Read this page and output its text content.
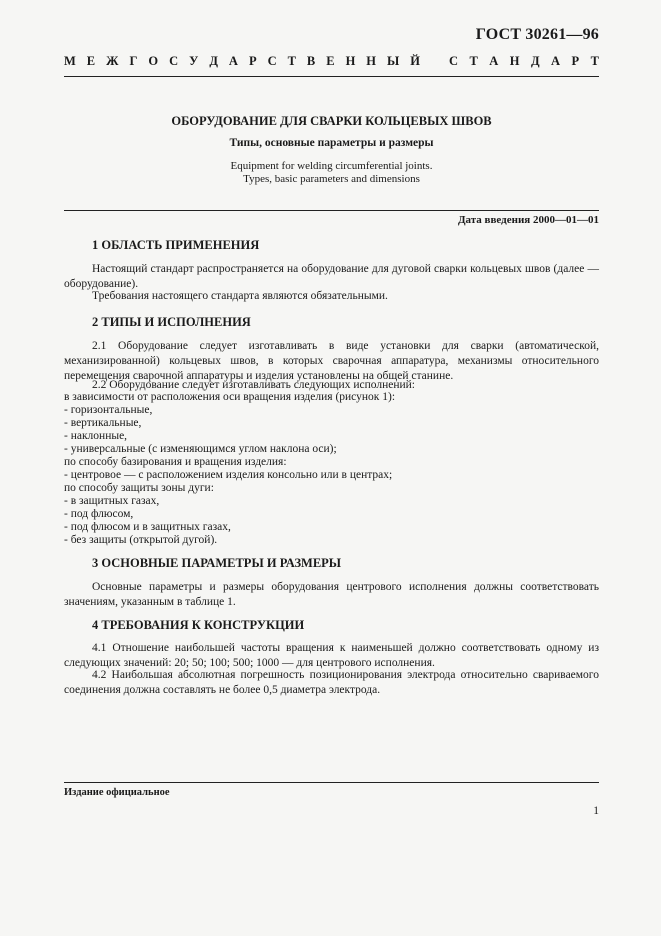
ГОСТ 30261—96
М Е Ж Г О С У Д А Р С Т В Е Н Н Ы Й С Т А Н Д А Р Т
ОБОРУДОВАНИЕ ДЛЯ СВАРКИ КОЛЬЦЕВЫХ ШВОВ
Типы, основные параметры и размеры
Equipment for welding circumferential joints.
Types, basic parameters and dimensions
Дата введения 2000—01—01
1 ОБЛАСТЬ ПРИМЕНЕНИЯ
Настоящий стандарт распространяется на оборудование для дуговой сварки кольцевых швов (далее — оборудование).
Требования настоящего стандарта являются обязательными.
2 ТИПЫ И ИСПОЛНЕНИЯ
2.1 Оборудование следует изготавливать в виде установки для сварки (автоматической, механизированной) кольцевых швов, в которых сварочная аппаратура, механизмы относительного перемещения сварочной аппаратуры и изделия установлены на общей станине.
2.2 Оборудование следует изготавливать следующих исполнений:
в зависимости от расположения оси вращения изделия (рисунок 1):
- горизонтальные,
- вертикальные,
- наклонные,
- универсальные (с изменяющимся углом наклона оси);
по способу базирования и вращения изделия:
- центровое — с расположением изделия консольно или в центрах;
по способу защиты зоны дуги:
- в защитных газах,
- под флюсом,
- под флюсом и в защитных газах,
- без защиты (открытой дугой).
3 ОСНОВНЫЕ ПАРАМЕТРЫ И РАЗМЕРЫ
Основные параметры и размеры оборудования центрового исполнения должны соответствовать значениям, указанным в таблице 1.
4 ТРЕБОВАНИЯ К КОНСТРУКЦИИ
4.1 Отношение наибольшей частоты вращения к наименьшей должно соответствовать одному из следующих значений: 20; 50; 100; 500; 1000 — для центрового исполнения.
4.2 Наибольшая абсолютная погрешность позиционирования электрода относительно свариваемого соединения должна составлять не более 0,5 диаметра электрода.
Издание официальное
1
